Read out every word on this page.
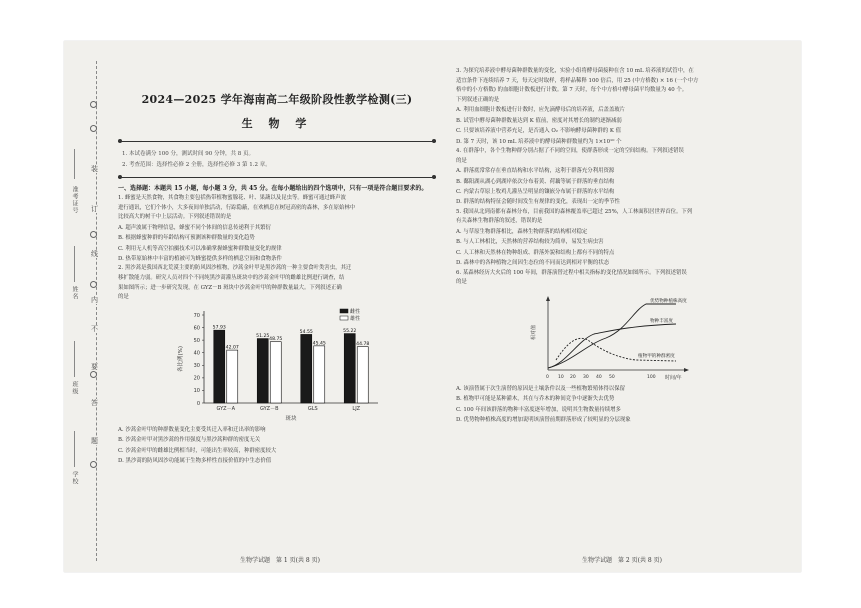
装
订
线
内
不
要
答
题
准考证号
姓名
班级
学校
2024—2025 学年海南高二年级阶段性教学检测(三)
生 物 学
1. 本试卷满分 100 分，测试时间 90 分钟，共 8 页。
2. 考查范围：选择性必修 2 全册，选择性必修 3 第 1.2 章。
一、选择题：本题共 15 小题，每小题 3 分，共 45 分。在每小题给出的四个选项中，只有一项是符合题目要求的。

1. 蜂蜜是天然食物，其食物主要包括热带植物蜜腺花、叶、果蔬以及昆虫等。蜂蜜可通过蜂声波

进行通讯，它们个体小，大多夜间单独活动，行踪隐蔽，在欢栖息在树冠高密的森林，多在原始林中

比较高大的树干中上层活动。下列叙述错误的是

A. 超声波属于物理信息，蜂蜜不同个体间的信息传递利于其繁衍
B. 根据蜂蜜种群的年龄结构可预测该种群数量的变化趋势
C. 利用无人机等高空拍摄技术可以准确掌握蜂蜜种群数量变化的规律
D. 热带原始林中丰富的植被可为蜂蜜提供多样的栖息空间和食物条件

2. 黑沙蒿是我国西北荒漠主要的防风固沙植物，沙蒿金叶甲是黑沙蒿的一种主要食叶类害虫，其迁

移扩散能力弱。研究人员对四个不同纯黑沙蒿灌丛斑块中的沙蒿金叶甲的雌雄比例进行调查，结

果如图所示；进一步研究发现，在 GYZ－B 斑块中沙蒿金叶甲的种群数量最大。下列叙述正确

的是

0
10
20
30
40
50
60
70
各比例(%)
斑块
57.93
42.07
GYZ－A
51.25
48.75
GYZ－B
54.55
45.45
GLS
55.22
44.78
LJZ
雌性
雄性
A. 沙蒿金叶甲的种群数量变化主要受其迁入率和迁出率的影响
B. 沙蒿金叶甲对黑沙蒿的作用强度与黑沙蒿种群的密度无关
C. 沙蒿金叶甲的雌雄比例相当时，可能出生率较高，种群密度较大
D. 黑沙蒿的防风固沙功能属于生物多样性直接价值的中生态价值
生物学试题　第 1 页(共 8 页)

3. 为探究培养液中酵母菌种群数量的变化，实验小组将酵母菌接种在含 10 mL 培养液的试管中，在

适宜条件下连续培养 7 天，每天定时取样，将样品稀释 100 倍后，用 25 (中方格数) × 16 (一个中方

格中的小方格数) 的血细胞计数板进行计数。第 7 天时，每个中方格中酵母菌平均数量为 40 个。

下列叙述正确的是

A. 利用血细胞计数板进行计数时，应先滴酵母后的培养液，后盖盖玻片
B. 试管中酵母菌种群数量达到 K 值前，密度对其增长的制约逐渐减弱
C. 只要该培养液中营养充足，是否通入 O₂ 不影响酵母菌种群的 K 值
D. 第 7 天时，该 10 mL 培养液中的酵母菌种群数量约为 1×10¹⁰ 个

4. 在群落中，各个生物种群分别占据了不同的空间，使群落形成一定的空间结构。下列叙述错误

的是

A. 群落底常常存在垂直结构和水平结构，这利于群落充分利用资源
B. 鄱阳湖从湖心到湖岸依次分布着黄、荷藕等属于群落的垂直结构
C. 内蒙古草原上牧鸡儿灌丛呈明显的镶嵌分布属于群落的水平结构
D. 群落的结构特征会随时间发生有规律的变化，表现出一定的季节性

5. 我国从北到南都有森林分布，目前我国的森林覆盖率已超过 25%，人工林面积居世界首位。下列

有关森林生物群落的叙述，错误的是

A. 与草原生物群落相比，森林生物群落的结构相对稳定
B. 与人工林相比，天然林的营养结构较为简单，易发生病虫害
C. 人工林和天然林在物种组成、群落外貌和结构上都有不同的特点
D. 森林中的各种植物之间因生态位的不同而达到相对平衡的状态

6. 某森林经历大火后的 100 年间，群落演替过程中相关指标的变化情况如图所示。下列叙述错误

的是

相对值
时间/年
0 10 20 30 40 50	100
优势物种植株高度
物种丰富度
植物甲的种群密度
A. 该演替属于次生演替的原因是土壤条件以及一些植物繁殖体得以保留
B. 植物甲可能是某种灌木，其在与乔木的种间竞争中逐渐失去优势
C. 100 年间该群落的物种丰富度逐年增加，说明其生物数量持续增多
D. 优势物种植株高度的增加说明该演替前期群落形成了较明显的分层现象
生物学试题　第 2 页(共 8 页)
